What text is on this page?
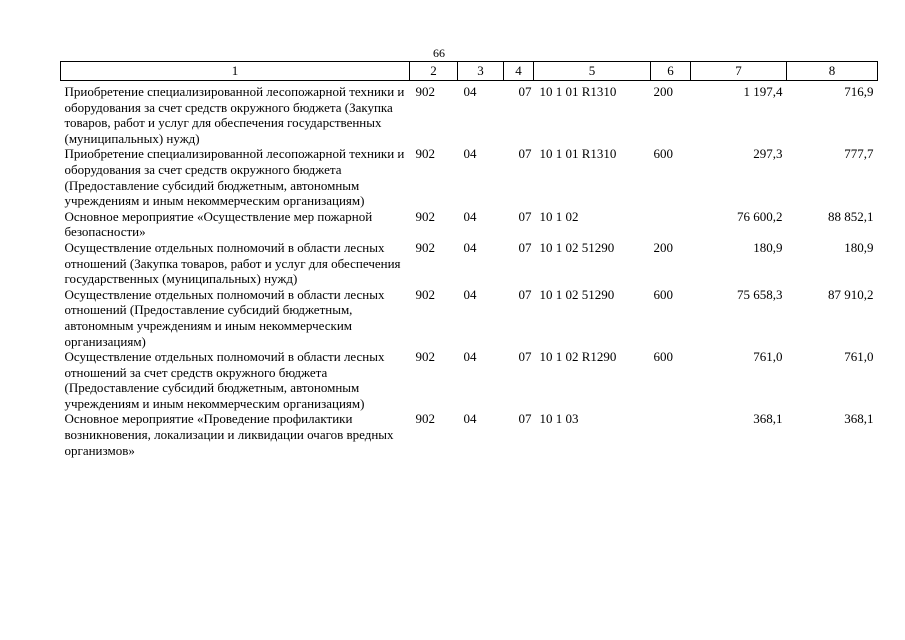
66
1	2	3	4	5	6	7	8
Приобретение специализированной лесопожарной техники и оборудования за счет средств окружного бюджета (Закупка товаров, работ и услуг для обеспечения государственных (муниципальных) нужд)	902	04	07	10 1 01 R1310	200	1 197,4	716,9
Приобретение специализированной лесопожарной техники и оборудования за счет средств окружного бюджета (Предоставление субсидий бюджетным, автономным учреждениям и иным некоммерческим организациям)	902	04	07	10 1 01 R1310	600	297,3	777,7
Основное мероприятие «Осуществление мер пожарной безопасности»	902	04	07	10 1 02		76 600,2	88 852,1
Осуществление отдельных полномочий в области лесных отношений (Закупка товаров, работ и услуг для обеспечения государственных (муниципальных) нужд)	902	04	07	10 1 02 51290	200	180,9	180,9
Осуществление отдельных полномочий в области лесных отношений (Предоставление субсидий бюджетным, автономным учреждениям и иным некоммерческим организациям)	902	04	07	10 1 02 51290	600	75 658,3	87 910,2
Осуществление отдельных полномочий в области лесных отношений за счет средств окружного бюджета (Предоставление субсидий бюджетным, автономным учреждениям и иным некоммерческим организациям)	902	04	07	10 1 02 R1290	600	761,0	761,0
Основное мероприятие «Проведение профилактики возникновения, локализации и ликвидации очагов вредных организмов»	902	04	07	10 1 03		368,1	368,1
